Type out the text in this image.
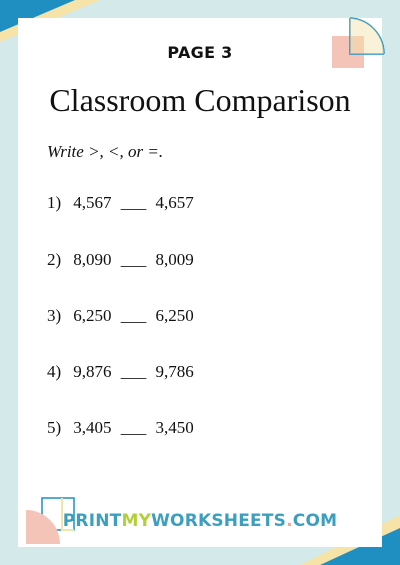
PAGE 3
Classroom Comparison
Write >, <, or =.
1) 4,567 ___ 4,657
2) 8,090 ___ 8,009
3) 6,250 ___ 6,250
4) 9,876 ___ 9,786
5) 3,405 ___ 3,450
PRINTMYWORKSHEETS.COM
